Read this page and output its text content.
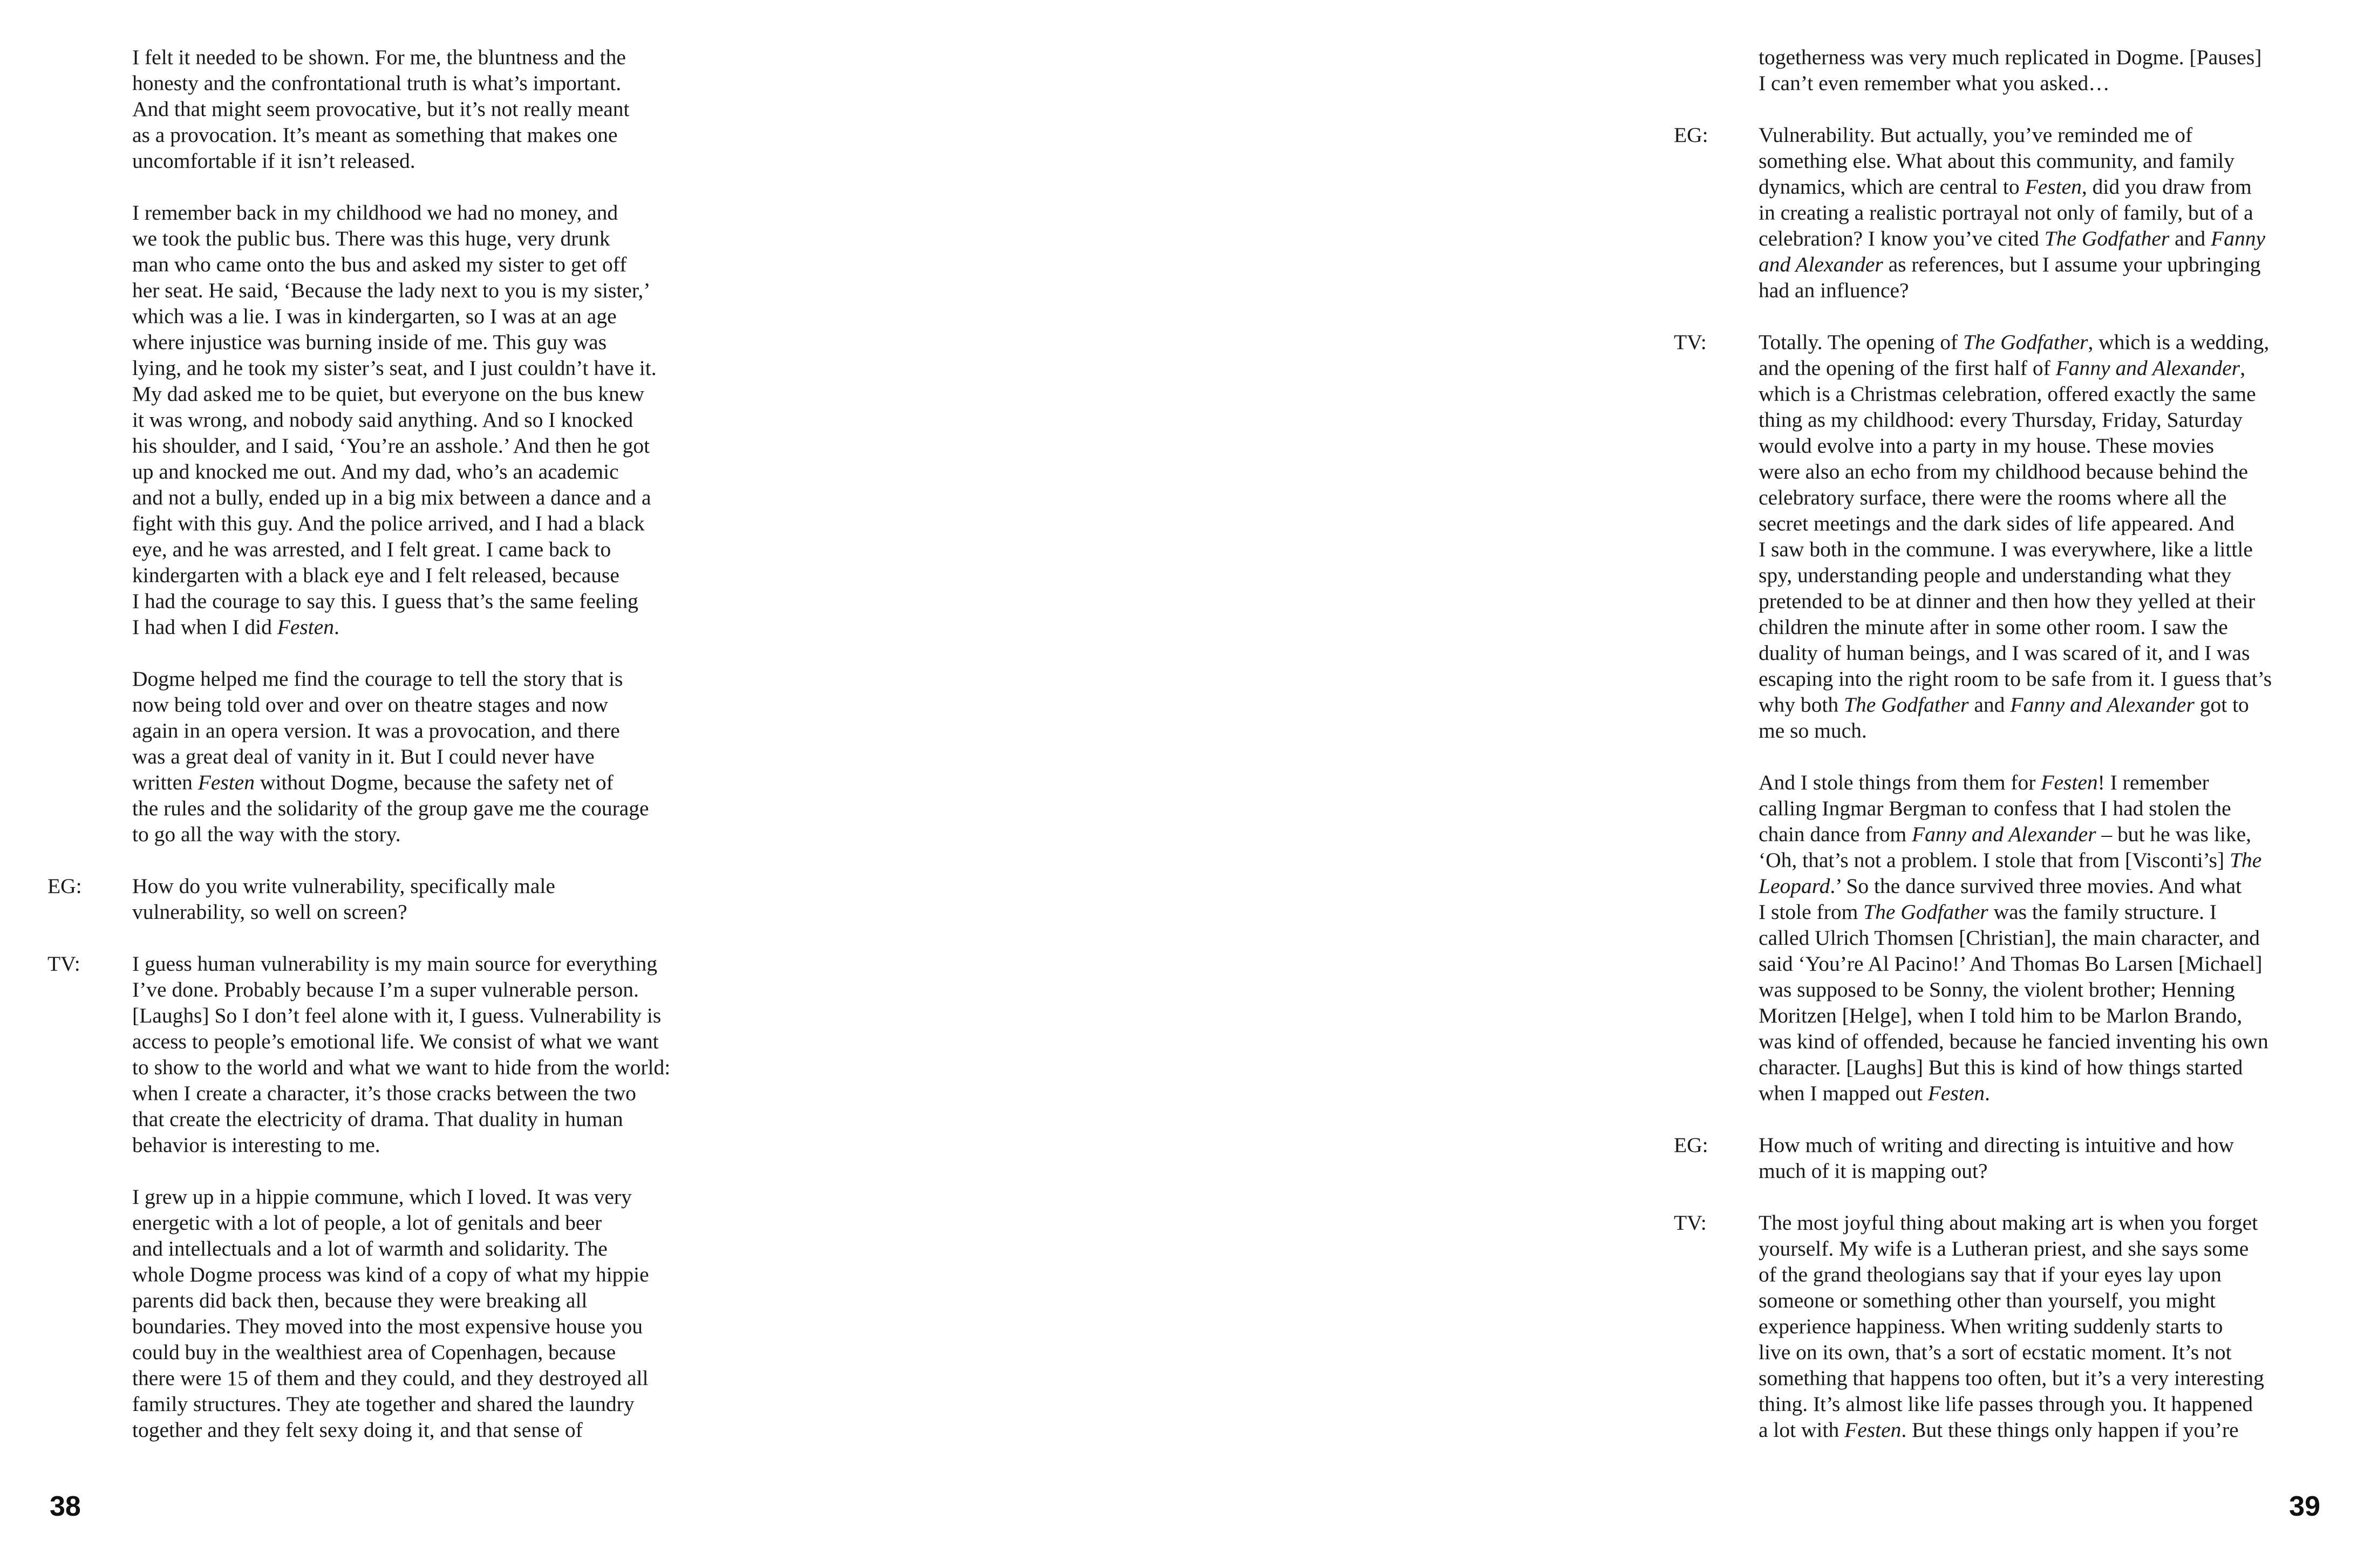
I felt it needed to be shown. For me, the bluntness and the
honesty and the confrontational truth is what’s important.
And that might seem provocative, but it’s not really meant
as a provocation. It’s meant as something that makes one
uncomfortable if it isn’t released.

I remember back in my childhood we had no money, and
we took the public bus. There was this huge, very drunk
man who came onto the bus and asked my sister to get off
her seat. He said, ‘Because the lady next to you is my sister,’
which was a lie. I was in kindergarten, so I was at an age
where injustice was burning inside of me. This guy was
lying, and he took my sister’s seat, and I just couldn’t have it.
My dad asked me to be quiet, but everyone on the bus knew
it was wrong, and nobody said anything. And so I knocked
his shoulder, and I said, ‘You’re an asshole.’ And then he got
up and knocked me out. And my dad, who’s an academic
and not a bully, ended up in a big mix between a dance and a
fight with this guy. And the police arrived, and I had a black
eye, and he was arrested, and I felt great. I came back to
kindergarten with a black eye and I felt released, because
I had the courage to say this. I guess that’s the same feeling
I had when I did Festen.

Dogme helped me find the courage to tell the story that is
now being told over and over on theatre stages and now
again in an opera version. It was a provocation, and there
was a great deal of vanity in it. But I could never have
written Festen without Dogme, because the safety net of
the rules and the solidarity of the group gave me the courage
to go all the way with the story.

EG: How do you write vulnerability, specifically male
vulnerability, so well on screen?

TV: I guess human vulnerability is my main source for everything
I’ve done. Probably because I’m a super vulnerable person.
[Laughs] So I don’t feel alone with it, I guess. Vulnerability is
access to people’s emotional life. We consist of what we want
to show to the world and what we want to hide from the world:
when I create a character, it’s those cracks between the two
that create the electricity of drama. That duality in human
behavior is interesting to me.

I grew up in a hippie commune, which I loved. It was very
energetic with a lot of people, a lot of genitals and beer
and intellectuals and a lot of warmth and solidarity. The
whole Dogme process was kind of a copy of what my hippie
parents did back then, because they were breaking all
boundaries. They moved into the most expensive house you
could buy in the wealthiest area of Copenhagen, because
there were 15 of them and they could, and they destroyed all
family structures. They ate together and shared the laundry
together and they felt sexy doing it, and that sense of

38

togetherness was very much replicated in Dogme. [Pauses]
I can’t even remember what you asked…

EG: Vulnerability. But actually, you’ve reminded me of
something else. What about this community, and family
dynamics, which are central to Festen, did you draw from
in creating a realistic portrayal not only of family, but of a
celebration? I know you’ve cited The Godfather and Fanny
and Alexander as references, but I assume your upbringing
had an influence?

TV: Totally. The opening of The Godfather, which is a wedding,
and the opening of the first half of Fanny and Alexander,
which is a Christmas celebration, offered exactly the same
thing as my childhood: every Thursday, Friday, Saturday
would evolve into a party in my house. These movies
were also an echo from my childhood because behind the
celebratory surface, there were the rooms where all the
secret meetings and the dark sides of life appeared. And
I saw both in the commune. I was everywhere, like a little
spy, understanding people and understanding what they
pretended to be at dinner and then how they yelled at their
children the minute after in some other room. I saw the
duality of human beings, and I was scared of it, and I was
escaping into the right room to be safe from it. I guess that’s
why both The Godfather and Fanny and Alexander got to
me so much.

And I stole things from them for Festen! I remember
calling Ingmar Bergman to confess that I had stolen the
chain dance from Fanny and Alexander – but he was like,
‘Oh, that’s not a problem. I stole that from [Visconti’s] The
Leopard.’ So the dance survived three movies. And what
I stole from The Godfather was the family structure. I
called Ulrich Thomsen [Christian], the main character, and
said ‘You’re Al Pacino!’ And Thomas Bo Larsen [Michael]
was supposed to be Sonny, the violent brother; Henning
Moritzen [Helge], when I told him to be Marlon Brando,
was kind of offended, because he fancied inventing his own
character. [Laughs] But this is kind of how things started
when I mapped out Festen.

EG: How much of writing and directing is intuitive and how
much of it is mapping out?

TV: The most joyful thing about making art is when you forget
yourself. My wife is a Lutheran priest, and she says some
of the grand theologians say that if your eyes lay upon
someone or something other than yourself, you might
experience happiness. When writing suddenly starts to
live on its own, that’s a sort of ecstatic moment. It’s not
something that happens too often, but it’s a very interesting
thing. It’s almost like life passes through you. It happened
a lot with Festen. But these things only happen if you’re

39
